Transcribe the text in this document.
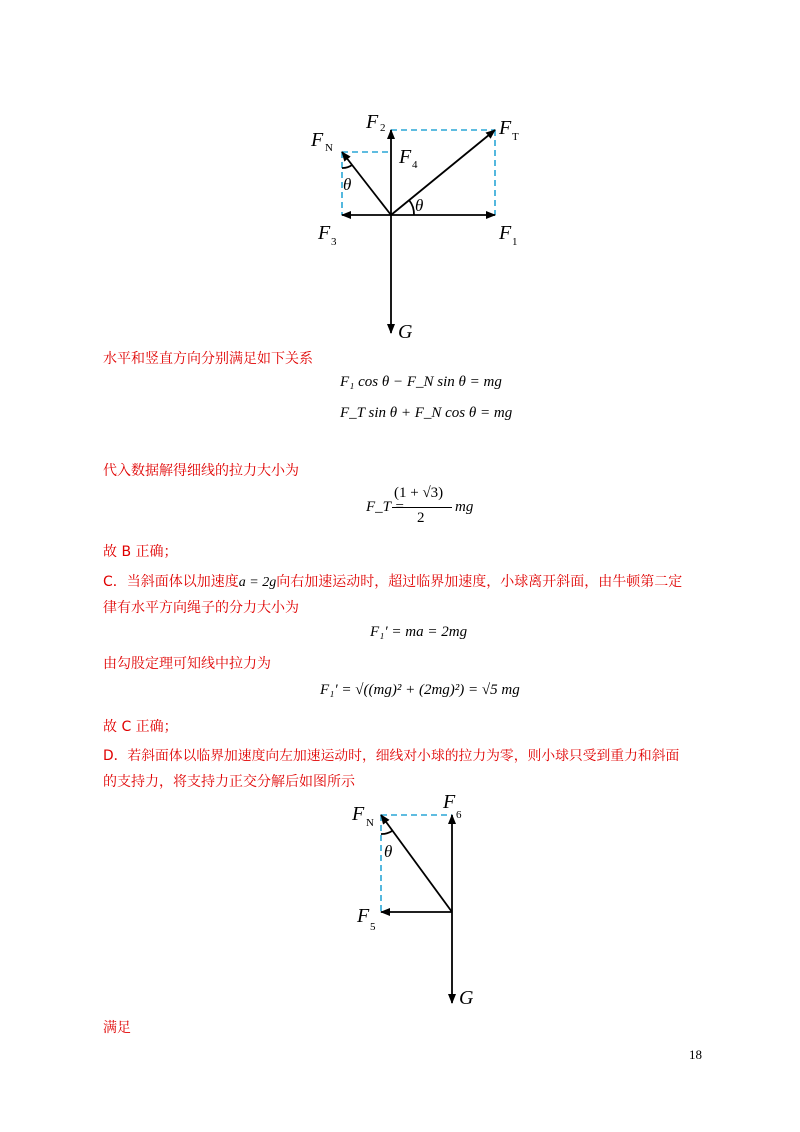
F 2
F N	F 4
F T
F 3	F 1
G
θ
θ
水平和竖直方向分别满足如下关系
F₁ cos θ − F_N sin θ = mg
F_T sin θ + F_N cos θ = mg
代入数据解得细线的拉力大小为
F_T =
(1 + √3)
2
mg
故 B 正确；
C．当斜面体以加速度a = 2g向右加速运动时，超过临界加速度，小球离开斜面，由牛顿第二定
律有水平方向绳子的分力大小为
F₁′ = ma = 2mg
由勾股定理可知线中拉力为
F₁′ = √((mg)² + (2mg)²) = √5 mg
故 C 正确；
D．若斜面体以临界加速度向左加速运动时，细线对小球的拉力为零，则小球只受到重力和斜面
的支持力，将支持力正交分解后如图所示
F N
F
6
F 5
G
θ
满足
18
